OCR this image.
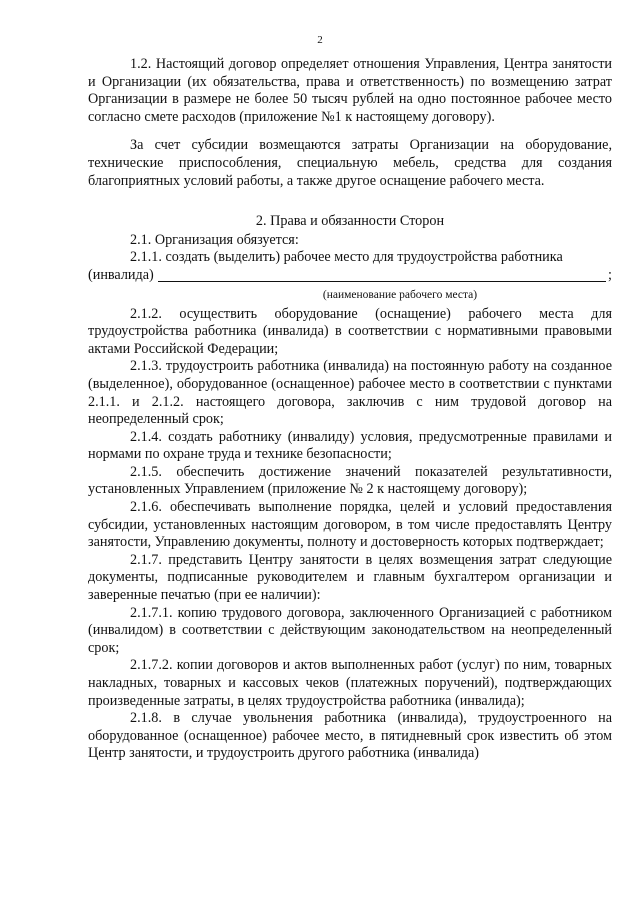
2

1.2. Настоящий договор определяет отношения Управления, Центра занятости и Организации (их обязательства, права и ответственность) по возмещению затрат Организации в размере не более 50 тысяч рублей на одно постоянное рабочее место согласно смете расходов (приложение №1 к настоящему договору).

За счет субсидии возмещаются затраты Организации на оборудование, технические приспособления, специальную мебель, средства для создания благоприятных условий работы, а также другое оснащение рабочего места.

2. Права и обязанности Сторон

2.1. Организация обязуется:

2.1.1. создать (выделить) рабочее место для трудоустройства работника

(инвалида)	;
(наименование рабочего места)

2.1.2. осуществить оборудование (оснащение) рабочего места для трудоустройства работника (инвалида) в соответствии с нормативными правовыми актами Российской Федерации;

2.1.3. трудоустроить работника (инвалида) на постоянную работу на созданное (выделенное), оборудованное (оснащенное) рабочее место в соответствии с пунктами 2.1.1. и 2.1.2. настоящего договора, заключив с ним трудовой договор на неопределенный срок;

2.1.4. создать работнику (инвалиду) условия, предусмотренные правилами и нормами по охране труда и технике безопасности;

2.1.5. обеспечить достижение значений показателей результативности, установленных Управлением (приложение № 2 к настоящему договору);

2.1.6. обеспечивать выполнение порядка, целей и условий предоставления субсидии, установленных настоящим договором, в том числе предоставлять Центру занятости, Управлению документы, полноту и достоверность которых подтверждает;

2.1.7. представить Центру занятости в целях возмещения затрат следующие документы, подписанные руководителем и главным бухгалтером организации и заверенные печатью (при ее наличии):

2.1.7.1. копию трудового договора, заключенного Организацией с работником (инвалидом) в соответствии с действующим законодательством на неопределенный срок;

2.1.7.2. копии договоров и актов выполненных работ (услуг) по ним, товарных накладных, товарных и кассовых чеков (платежных поручений), подтверждающих произведенные затраты, в целях трудоустройства работника (инвалида);

2.1.8. в случае увольнения работника (инвалида), трудоустроенного на оборудованное (оснащенное) рабочее место, в пятидневный срок известить об этом Центр занятости, и трудоустроить другого работника (инвалида)
